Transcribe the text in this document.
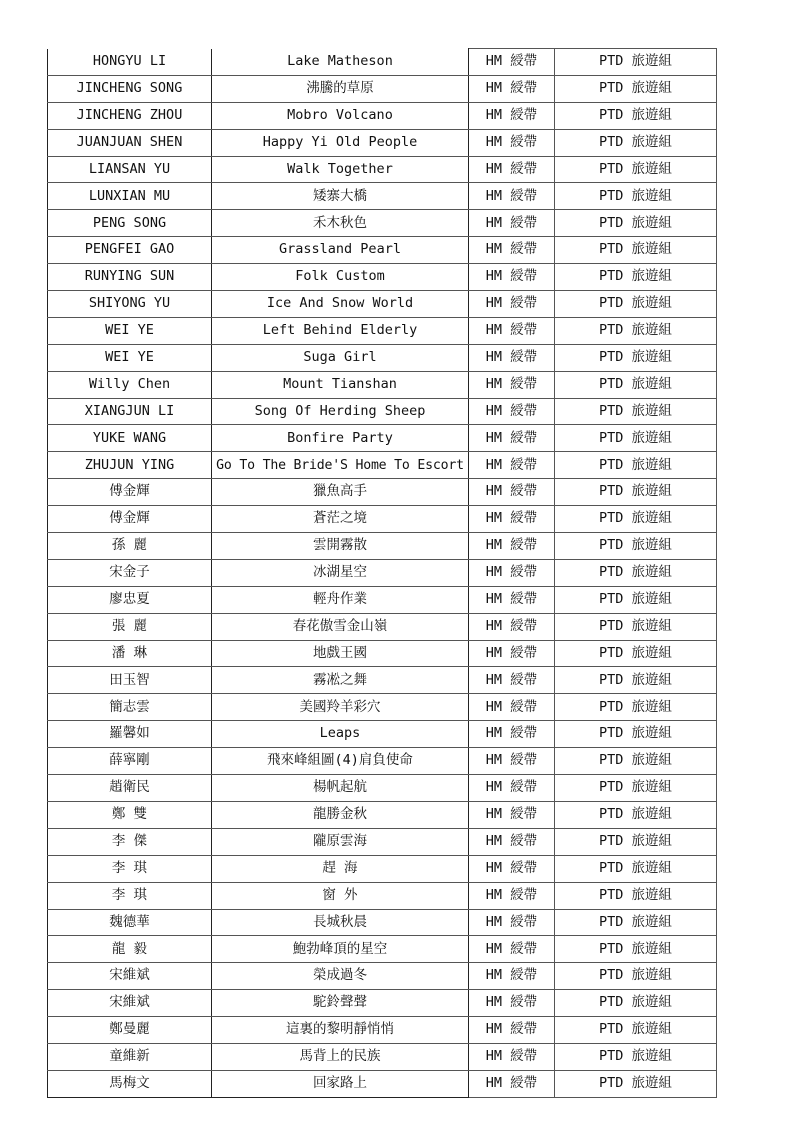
HONGYU LI	Lake Matheson	HM 綬帶	PTD 旅遊組
JINCHENG SONG	沸騰的草原	HM 綬帶	PTD 旅遊組
JINCHENG ZHOU	Mobro Volcano	HM 綬帶	PTD 旅遊組
JUANJUAN SHEN	Happy Yi Old People	HM 綬帶	PTD 旅遊組
LIANSAN YU	Walk Together	HM 綬帶	PTD 旅遊組
LUNXIAN MU	矮寨大橋	HM 綬帶	PTD 旅遊組
PENG SONG	禾木秋色	HM 綬帶	PTD 旅遊組
PENGFEI GAO	Grassland Pearl	HM 綬帶	PTD 旅遊組
RUNYING SUN	Folk Custom	HM 綬帶	PTD 旅遊組
SHIYONG YU	Ice And Snow World	HM 綬帶	PTD 旅遊組
WEI YE	Left Behind Elderly	HM 綬帶	PTD 旅遊組
WEI YE	Suga Girl	HM 綬帶	PTD 旅遊組
Willy Chen	Mount Tianshan	HM 綬帶	PTD 旅遊組
XIANGJUN LI	Song Of Herding Sheep	HM 綬帶	PTD 旅遊組
YUKE WANG	Bonfire Party	HM 綬帶	PTD 旅遊組
ZHUJUN YING	Go To The Bride'S Home To Escort	HM 綬帶	PTD 旅遊組
傅金輝	獵魚高手	HM 綬帶	PTD 旅遊組
傅金輝	蒼茫之境	HM 綬帶	PTD 旅遊組
孫 麗	雲開霧散	HM 綬帶	PTD 旅遊組
宋金子	冰湖星空	HM 綬帶	PTD 旅遊組
廖忠夏	輕舟作業	HM 綬帶	PTD 旅遊組
張 麗	春花傲雪金山嶺	HM 綬帶	PTD 旅遊組
潘 琳	地戲王國	HM 綬帶	PTD 旅遊組
田玉智	霧凇之舞	HM 綬帶	PTD 旅遊組
簡志雲	美國羚羊彩穴	HM 綬帶	PTD 旅遊組
羅馨如	Leaps	HM 綬帶	PTD 旅遊組
薛寧剛	飛來峰組圖(4)肩負使命	HM 綬帶	PTD 旅遊組
趙衛民	楊帆起航	HM 綬帶	PTD 旅遊組
鄭 雙	龍勝金秋	HM 綬帶	PTD 旅遊組
李 傑	隴原雲海	HM 綬帶	PTD 旅遊組
李 琪	趕 海	HM 綬帶	PTD 旅遊組
李 琪	窗 外	HM 綬帶	PTD 旅遊組
魏德華	長城秋晨	HM 綬帶	PTD 旅遊組
龍 毅	鮑勃峰頂的星空	HM 綬帶	PTD 旅遊組
宋維斌	榮成過冬	HM 綬帶	PTD 旅遊組
宋維斌	駝鈴聲聲	HM 綬帶	PTD 旅遊組
鄭曼麗	這裏的黎明靜悄悄	HM 綬帶	PTD 旅遊組
童維新	馬背上的民族	HM 綬帶	PTD 旅遊組
馬梅文	回家路上	HM 綬帶	PTD 旅遊組
